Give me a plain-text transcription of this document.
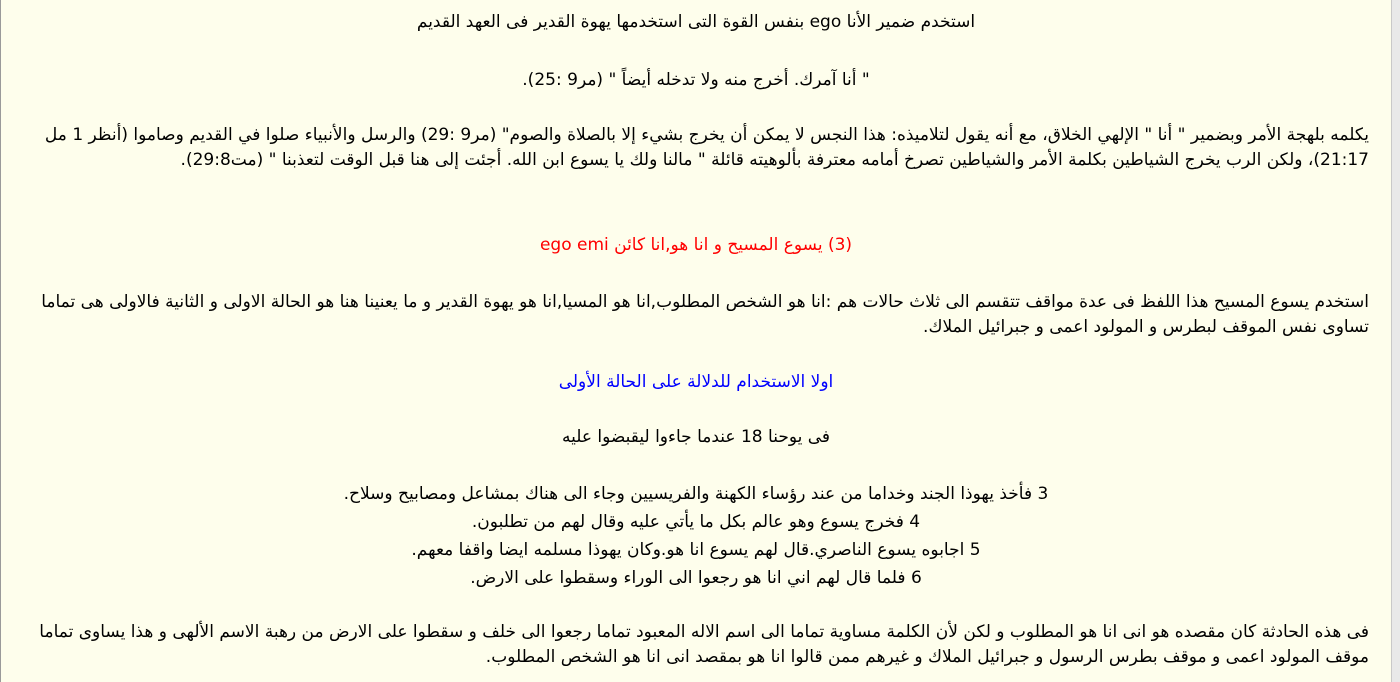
استخدم ضمير الأنا ego بنفس القوة التى استخدمها يهوة القدير فى العهد القديم

" أنا آمرك. أخرج منه ولا تدخله أيضاً " (مر9 :25).

يكلمه بلهجة الأمر وبضمير " أنا " الإلهي الخلاق، مع أنه يقول لتلاميذه: هذا النجس لا يمكن أن يخرج بشيء إلا بالصلاة والصوم" (مر9 :29) والرسل والأنبياء صلوا في القديم وصاموا (أنظر 1 مل 21:17)، ولكن الرب يخرج الشياطين بكلمة الأمر والشياطين تصرخ أمامه معترفة بألوهيته قائلة " مالنا ولك يا يسوع ابن الله. أجئت إلى هنا قبل الوقت لتعذبنا " (مت29:8).

(3) يسوع المسيح و انا هو,انا كائن ego emi

استخدم يسوع المسيح هذا اللفظ فى عدة مواقف تتقسم الى ثلاث حالات هم :انا هو الشخص المطلوب,انا هو المسيا,انا هو يهوة القدير و ما يعنينا هنا هو الحالة الاولى و الثانية فالاولى هى تماما تساوى نفس الموقف لبطرس و المولود اعمى و جبرائيل الملاك.

اولا الاستخدام للدلالة على الحالة الأولى

فى يوحنا 18 عندما جاءوا ليقبضوا عليه

3 فأخذ يهوذا الجند وخداما من عند رؤساء الكهنة والفريسيين وجاء الى هناك بمشاعل ومصابيح وسلاح.
4 فخرج يسوع وهو عالم بكل ما يأتي عليه وقال لهم من تطلبون.
5 اجابوه يسوع الناصري.قال لهم يسوع انا هو.وكان يهوذا مسلمه ايضا واقفا معهم.
6 فلما قال لهم اني انا هو رجعوا الى الوراء وسقطوا على الارض.

فى هذه الحادثة كان مقصده هو انى انا هو المطلوب و لكن لأن الكلمة مساوية تماما الى اسم الاله المعبود تماما رجعوا الى خلف و سقطوا على الارض من رهبة الاسم الألهى و هذا يساوى تماما موقف المولود اعمى و موقف بطرس الرسول و جبرائيل الملاك و غيرهم ممن قالوا انا هو بمقصد انى انا هو الشخص المطلوب.
